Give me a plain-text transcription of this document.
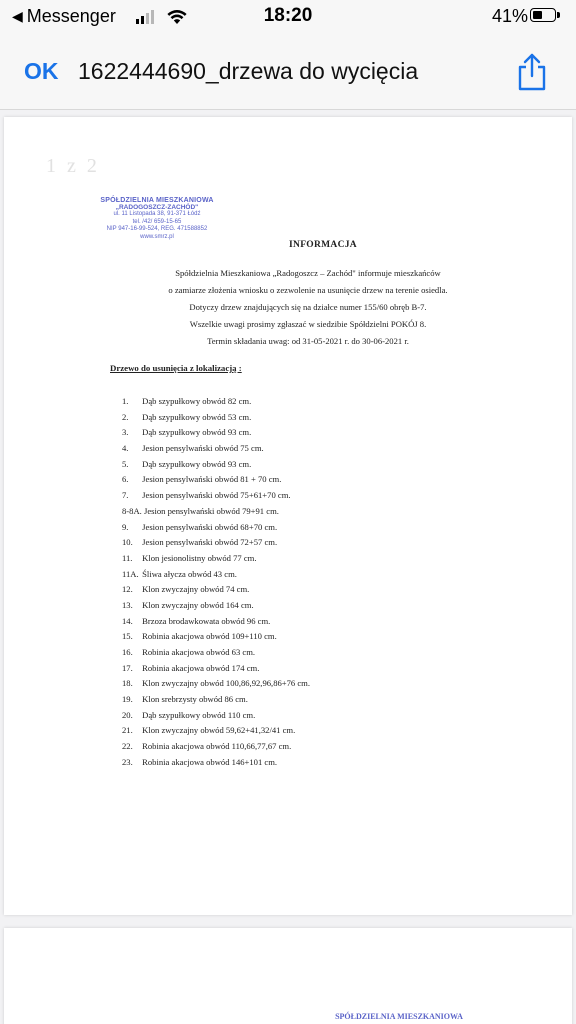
◀ Messenger	18:20	41%
OK 1622444690_drzewa do wycięcia
1 z 2
SPÓŁDZIELNIA MIESZKANIOWA
„RADOGOSZCZ-ZACHÓD"
ul. 11 Listopada 38, 91-371 Łódź
tel. /42/ 659-15-65
NIP 947-16-99-524, REG. 471588852
www.smrz.pl
INFORMACJA
Spółdzielnia Mieszkaniowa „Radogoszcz – Zachód" informuje mieszkańców
o zamiarze złożenia wniosku o zezwolenie na usunięcie drzew na terenie osiedla.
Dotyczy drzew znajdujących się na działce numer 155/60 obręb B-7.
Wszelkie uwagi prosimy zgłaszać w siedzibie Spółdzielni POKÓJ 8.
Termin składania uwag: od 31-05-2021 r. do 30-06-2021 r.
Drzewo do usunięcia z lokalizacją :
1. Dąb szypułkowy obwód 82 cm.
2. Dąb szypułkowy obwód 53 cm.
3. Dąb szypułkowy obwód 93 cm.
4. Jesion pensylwański obwód 75 cm.
5. Dąb szypułkowy obwód 93 cm.
6. Jesion pensylwański obwód 81 + 70 cm.
7. Jesion pensylwański obwód 75+61+70 cm.
8-8A. Jesion pensylwański obwód 79+91 cm.
9. Jesion pensylwański obwód 68+70 cm.
10. Jesion pensylwański obwód 72+57 cm.
11. Klon jesionolistny obwód 77 cm.
11A. Śliwa ałycza obwód 43 cm.
12. Klon zwyczajny obwód 74 cm.
13. Klon zwyczajny obwód 164 cm.
14. Brzoza brodawkowata obwód 96 cm.
15. Robinia akacjowa obwód 109+110 cm.
16. Robinia akacjowa obwód 63 cm.
17. Robinia akacjowa obwód 174 cm.
18. Klon zwyczajny obwód 100,86,92,96,86+76 cm.
19. Klon srebrzysty obwód 86 cm.
20. Dąb szypułkowy obwód 110 cm.
21. Klon zwyczajny obwód 59,62+41,32/41 cm.
22. Robinia akacjowa obwód 110,66,77,67 cm.
23. Robinia akacjowa obwód 146+101 cm.
SPÓŁDZIELNIA MIESZKANIOWA
